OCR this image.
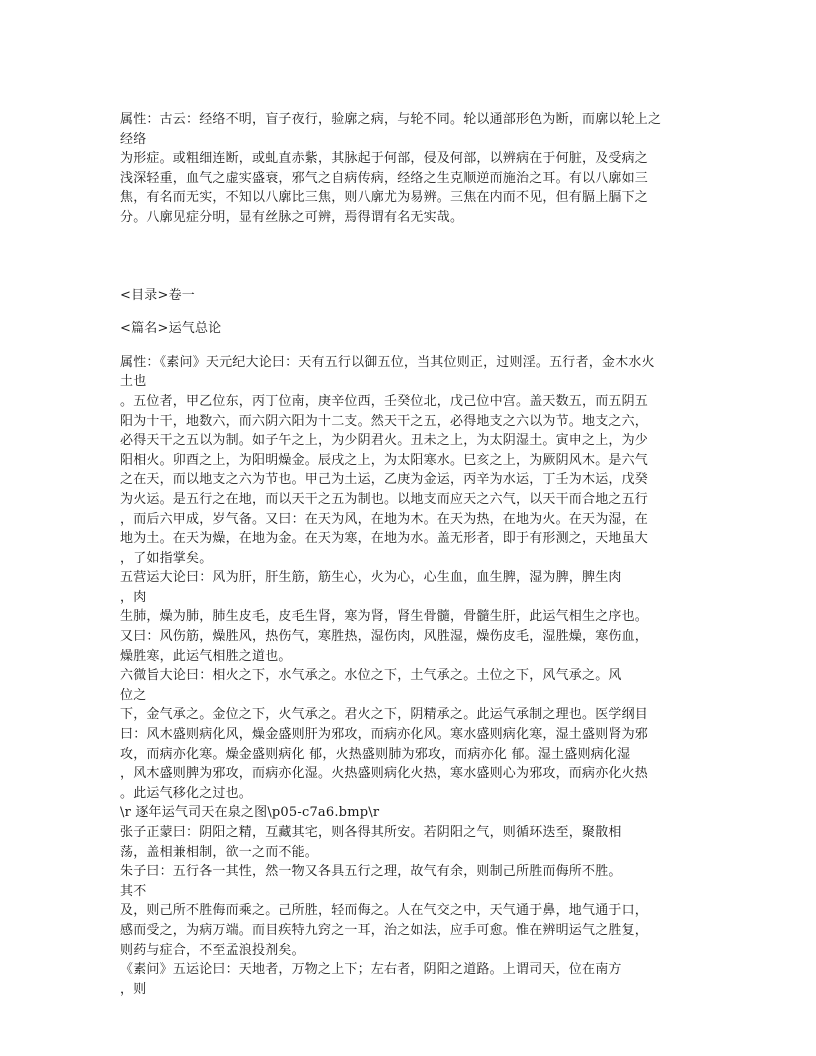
属性：古云：经络不明，盲子夜行，验廓之病，与轮不同。轮以通部形色为断，而廓以轮上之
经络
为形症。或粗细连断，或虬直赤紫，其脉起于何部，侵及何部，以辨病在于何脏，及受病之
浅深轻重，血气之虚实盛衰，邪气之自病传病，经络之生克顺逆而施治之耳。有以八廓如三
焦，有名而无实，不知以八廓比三焦，则八廓尤为易辨。三焦在内而不见，但有膈上膈下之
分。八廓见症分明，显有丝脉之可辨，焉得谓有名无实哉。
<目录>卷一
<篇名>运气总论
属性：《素问》天元纪大论曰：天有五行以御五位，当其位则正，过则淫。五行者，金木水火
土也
。五位者，甲乙位东，丙丁位南，庚辛位西，壬癸位北，戊己位中宫。盖天数五，而五阴五
阳为十干，地数六，而六阴六阳为十二支。然天干之五，必得地支之六以为节。地支之六，
必得天干之五以为制。如子午之上，为少阴君火。丑未之上，为太阴湿土。寅申之上，为少
阳相火。卯酉之上，为阳明燥金。辰戌之上，为太阳寒水。巳亥之上，为厥阴风木。是六气
之在天，而以地支之六为节也。甲己为土运，乙庚为金运，丙辛为水运，丁壬为木运，戊癸
为火运。是五行之在地，而以天干之五为制也。以地支而应天之六气，以天干而合地之五行
，而后六甲成，岁气备。又曰：在天为风，在地为木。在天为热，在地为火。在天为湿，在
地为土。在天为燥，在地为金。在天为寒，在地为水。盖无形者，即于有形测之，天地虽大
，了如指掌矣。
五营运大论曰：风为肝，肝生筋，筋生心，火为心，心生血，血生脾，湿为脾，脾生肉
，肉
生肺，燥为肺，肺生皮毛，皮毛生肾，寒为肾，肾生骨髓，骨髓生肝，此运气相生之序也。
又曰：风伤筋，燥胜风，热伤气，寒胜热，湿伤肉，风胜湿，燥伤皮毛，湿胜燥，寒伤血，
燥胜寒，此运气相胜之道也。
六微旨大论曰：相火之下，水气承之。水位之下，土气承之。土位之下，风气承之。风
位之
下，金气承之。金位之下，火气承之。君火之下，阴精承之。此运气承制之理也。医学纲目
曰：风木盛则病化风，燥金盛则肝为邪攻，而病亦化风。寒水盛则病化寒，湿土盛则肾为邪
攻，而病亦化寒。燥金盛则病化 郁，火热盛则肺为邪攻，而病亦化 郁。湿土盛则病化湿
，风木盛则脾为邪攻，而病亦化湿。火热盛则病化火热，寒水盛则心为邪攻，而病亦化火热
。此运气移化之过也。
\r 逐年运气司天在泉之图\p05-c7a6.bmp\r
张子正蒙曰：阴阳之精，互藏其宅，则各得其所安。若阴阳之气，则循环迭至，聚散相
荡，盖相兼相制，欲一之而不能。
朱子曰：五行各一其性，然一物又各具五行之理，故气有余，则制己所胜而侮所不胜。
其不
及，则己所不胜侮而乘之。己所胜，轻而侮之。人在气交之中，天气通于鼻，地气通于口，
感而受之，为病万端。而目疾特九窍之一耳，治之如法，应手可愈。惟在辨明运气之胜复，
则药与症合，不至孟浪投剂矣。
《素问》五运论曰：天地者，万物之上下；左右者，阴阳之道路。上谓司天，位在南方
，则
